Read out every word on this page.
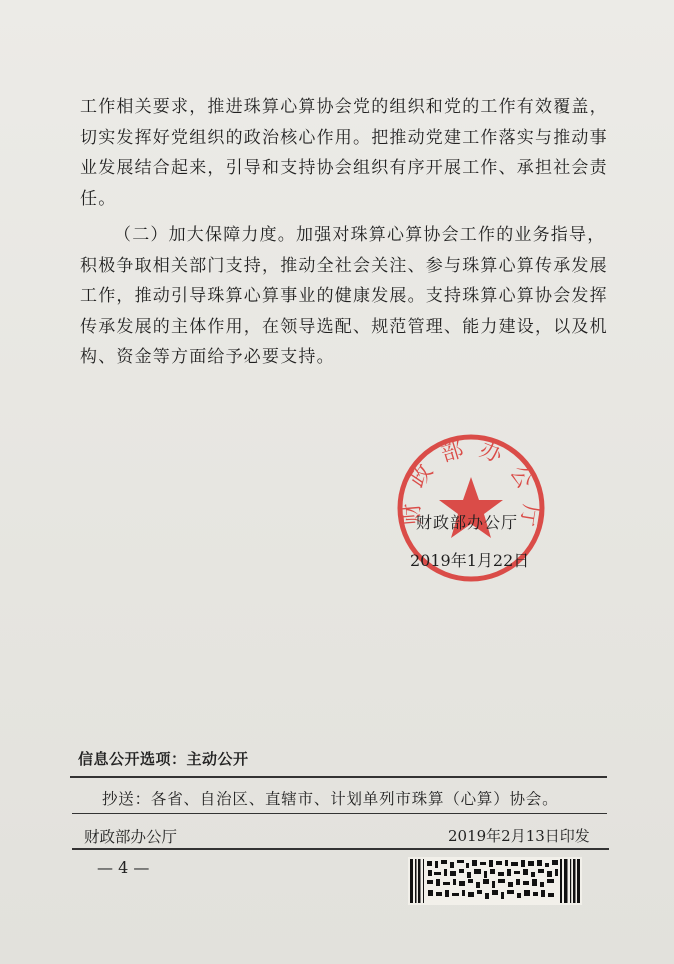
工作相关要求，推进珠算心算协会党的组织和党的工作有效覆盖，切实发挥好党组织的政治核心作用。把推动党建工作落实与推动事业发展结合起来，引导和支持协会组织有序开展工作、承担社会责任。

（二）加大保障力度。加强对珠算心算协会工作的业务指导，积极争取相关部门支持，推动全社会关注、参与珠算心算传承发展工作，推动引导珠算心算事业的健康发展。支持珠算心算协会发挥传承发展的主体作用，在领导选配、规范管理、能力建设，以及机构、资金等方面给予必要支持。

财 政 部 办 公 厅
财政部办公厅
2019年1月22日
信息公开选项：主动公开
抄送：各省、自治区、直辖市、计划单列市珠算（心算）协会。
财政部办公厅	2019年2月13日印发
— 4 —
